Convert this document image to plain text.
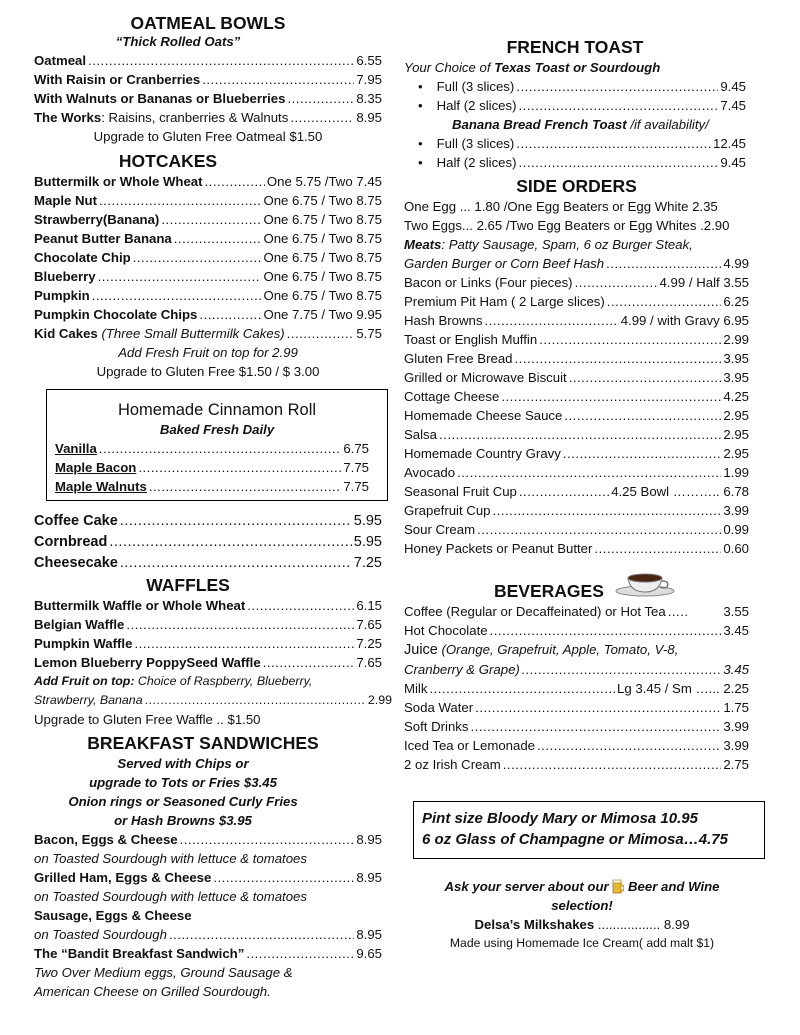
OATMEAL BOWLS
“Thick Rolled Oats”
Oatmeal .....	6.55
With Raisin or Cranberries .....	7.95
With Walnuts or Bananas or Blueberries .....	8.35
The Works: Raisins, cranberries & Walnuts .....	8.95
Upgrade to Gluten Free Oatmeal $1.50
HOTCAKES
Buttermilk or Whole Wheat .....	One 5.75 /Two 7.45
Maple Nut .....	One 6.75 / Two 8.75
Strawberry(Banana) .....	One 6.75 / Two 8.75
Peanut Butter Banana .....	One 6.75 / Two 8.75
Chocolate Chip .....	One 6.75 / Two 8.75
Blueberry .....	One 6.75 / Two 8.75
Pumpkin .....	One 6.75 / Two 8.75
Pumpkin Chocolate Chips .....	One 7.75 / Two 9.95
Kid Cakes (Three Small Buttermilk Cakes) .....	5.75
Add Fresh Fruit on top for 2.99
Upgrade to Gluten Free $1.50 / $ 3.00
Homemade Cinnamon Roll
Baked Fresh Daily
Vanilla .....	6.75
Maple Bacon .....	7.75
Maple Walnuts .....	7.75
Coffee Cake .....	5.95
Cornbread .....	5.95
Cheesecake .....	7.25
WAFFLES
Buttermilk Waffle or Whole Wheat .....	6.15
Belgian Waffle .....	7.65
Pumpkin Waffle .....	7.25
Lemon Blueberry PoppySeed Waffle .....	7.65
Add Fruit on top: Choice of Raspberry, Blueberry,
Strawberry, Banana .....	2.99
Upgrade to Gluten Free Waffle .. $1.50
BREAKFAST SANDWICHES
Served with Chips or
upgrade to Tots or Fries $3.45
Onion rings or Seasoned Curly Fries
or Hash Browns $3.95
Bacon, Eggs & Cheese .....	8.95
on Toasted Sourdough with lettuce & tomatoes
Grilled Ham, Eggs & Cheese .....	8.95
on Toasted Sourdough with lettuce & tomatoes
Sausage, Eggs & Cheese
on Toasted Sourdough .....	8.95
The “Bandit Breakfast Sandwich” .....	9.65
Two Over Medium eggs, Ground Sausage &
American Cheese on Grilled Sourdough.
FRENCH TOAST
Your Choice of Texas Toast or Sourdough
• Full (3 slices) .....	9.45
• Half (2 slices) .....	7.45
Banana Bread French Toast /if availability/
• Full (3 slices) .....	12.45
• Half (2 slices) .....	9.45
SIDE ORDERS
One Egg ... 1.80 /One Egg Beaters or Egg White 2.35
Two Eggs... 2.65 /Two Egg Beaters or Egg Whites .2.90
Meats: Patty Sausage, Spam, 6 oz Burger Steak,
Garden Burger or Corn Beef Hash .....	4.99
Bacon or Links (Four pieces) .....	4.99 / Half 3.55
Premium Pit Ham ( 2 Large slices) .....	6.25
Hash Browns .....	4.99 / with Gravy 6.95
Toast or English Muffin .....	2.99
Gluten Free Bread .....	3.95
Grilled or Microwave Biscuit .....	3.95
Cottage Cheese .....	4.25
Homemade Cheese Sauce .....	2.95
Salsa .....	2.95
Homemade Country Gravy .....	2.95
Avocado .....	1.99
Seasonal Fruit Cup .....	4.25 Bowl ……….. 6.78
Grapefruit Cup .....	3.99
Sour Cream .....	0.99
Honey Packets or Peanut Butter .....	0.60
BEVERAGES
Coffee (Regular or Decaffeinated) or Hot Tea .....	3.55
Hot Chocolate .....	3.45
Juice (Orange, Grapefruit, Apple, Tomato, V-8,
Cranberry & Grape) .....	3.45
Milk .....	Lg 3.45 / Sm …... 2.25
Soda Water .....	1.75
Soft Drinks .....	3.99
Iced Tea or Lemonade .....	3.99
2 oz Irish Cream .....	2.75
Pint size Bloody Mary or Mimosa 10.95
6 oz Glass of Champagne or Mimosa…4.75
Ask your server about our  Beer and Wine
selection!
Delsa’s Milkshakes ................. 8.99
Made using Homemade Ice Cream( add malt $1)
